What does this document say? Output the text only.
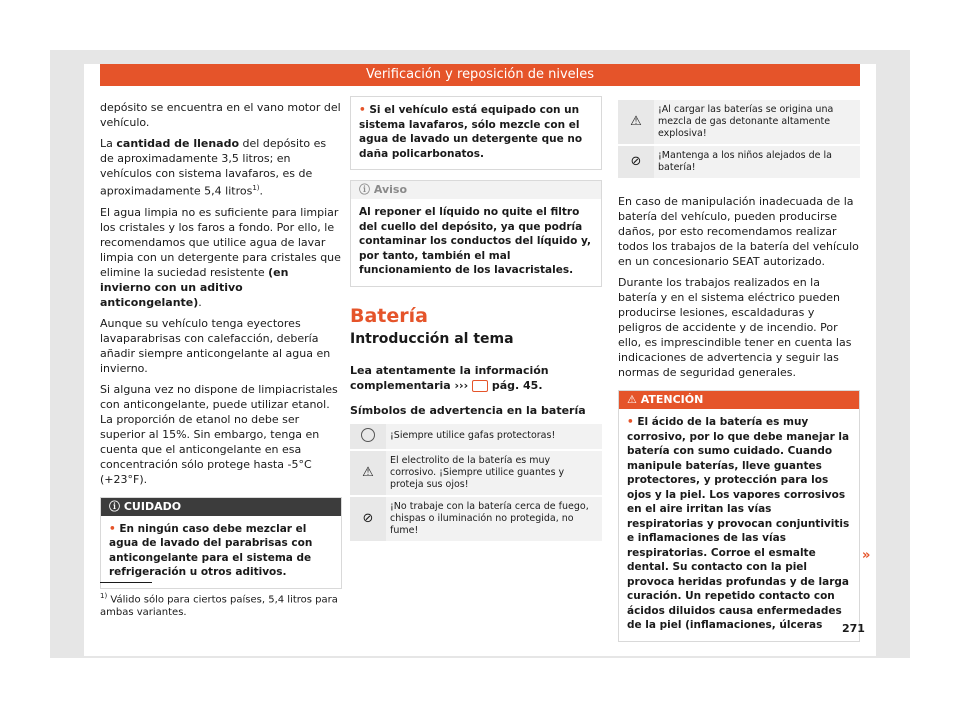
Verificación y reposición de niveles

depósito se encuentra en el vano motor del vehículo.

La cantidad de llenado del depósito es de aproximadamente 3,5 litros; en vehículos con sistema lavafaros, es de aproximadamente 5,4 litros$^{1)}$.

El agua limpia no es suficiente para limpiar los cristales y los faros a fondo. Por ello, le recomendamos que utilice agua de lavar limpia con un detergente para cristales que elimine la suciedad resistente (en invierno con un aditivo anticongelante).

Aunque su vehículo tenga eyectores lavaparabrisas con calefacción, debería añadir siempre anticongelante al agua en invierno.

Si alguna vez no dispone de limpiacristales con anticongelante, puede utilizar etanol. La proporción de etanol no debe ser superior al 15%. Sin embargo, tenga en cuenta que el anticongelante en esa concentración sólo protege hasta -5°C (+23°F).

ⓘ CUIDADO
• En ningún caso debe mezclar el agua de lavado del parabrisas con anticongelante para el sistema de refrigeración u otros aditivos.
• Si el vehículo está equipado con un sistema lavafaros, sólo mezcle con el agua de lavado un detergente que no daña policarbonatos.
ⓘ Aviso
Al reponer el líquido no quite el filtro del cuello del depósito, ya que podría contaminar los conductos del líquido y, por tanto, también el mal funcionamiento de los lavacristales.
Batería
Introducción al tema

Lea atentamente la información complementaria ››› pág. 45.

Símbolos de advertencia en la batería

	¡Siempre utilice gafas protectoras!
⚠	El electrolito de la batería es muy corrosivo. ¡Siempre utilice guantes y proteja sus ojos!
⊘	¡No trabaje con la batería cerca de fuego, chispas o iluminación no protegida, no fume!
⚠	¡Al cargar las baterías se origina una mezcla de gas detonante altamente explosiva!
⊘	¡Mantenga a los niños alejados de la batería!

En caso de manipulación inadecuada de la batería del vehículo, pueden producirse daños, por esto recomendamos realizar todos los trabajos de la batería del vehículo en un concesionario SEAT autorizado.

Durante los trabajos realizados en la batería y en el sistema eléctrico pueden producirse lesiones, escaldaduras y peligros de accidente y de incendio. Por ello, es imprescindible tener en cuenta las indicaciones de advertencia y seguir las normas de seguridad generales.

⚠ ATENCIÓN
• El ácido de la batería es muy corrosivo, por lo que debe manejar la batería con sumo cuidado. Cuando manipule baterías, lleve guantes protectores, y protección para los ojos y la piel. Los vapores corrosivos en el aire irritan las vías respiratorias y provocan conjuntivitis e inflamaciones de las vías respiratorias. Corroe el esmalte dental. Su contacto con la piel provoca heridas profundas y de larga curación. Un repetido contacto con ácidos diluidos causa enfermedades de la piel (inflamaciones, úlceras
»
$^{1)}$ Válido sólo para ciertos países, 5,4 litros para ambas variantes.
271
